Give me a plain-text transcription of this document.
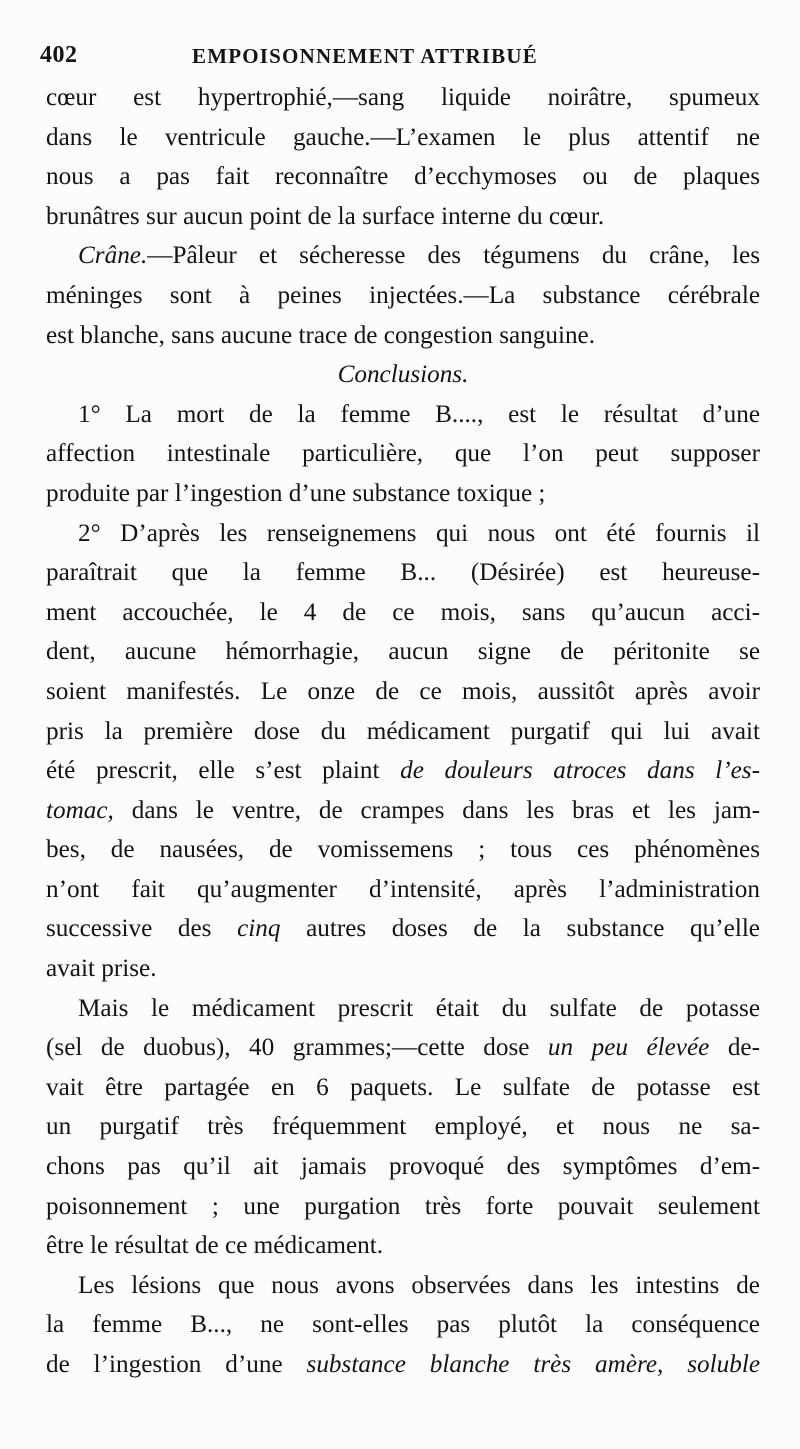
402	EMPOISONNEMENT ATTRIBUÉ
cœur est hypertrophié,—sang liquide noirâtre, spumeux
dans le ventricule gauche.—L’examen le plus attentif ne
nous a pas fait reconnaître d’ecchymoses ou de plaques
brunâtres sur aucun point de la surface interne du cœur.
Crâne.—Pâleur et sécheresse des tégumens du crâne, les
méninges sont à peines injectées.—La substance cérébrale
est blanche, sans aucune trace de congestion sanguine.
Conclusions.
1° La mort de la femme B...., est le résultat d’une
affection intestinale particulière, que l’on peut supposer
produite par l’ingestion d’une substance toxique ;
2° D’après les renseignemens qui nous ont été fournis il
paraîtrait que la femme B... (Désirée) est heureuse-
ment accouchée, le 4 de ce mois, sans qu’aucun acci-
dent, aucune hémorrhagie, aucun signe de péritonite se
soient manifestés. Le onze de ce mois, aussitôt après avoir
pris la première dose du médicament purgatif qui lui avait
été prescrit, elle s’est plaint de douleurs atroces dans l’es-
tomac, dans le ventre, de crampes dans les bras et les jam-
bes, de nausées, de vomissemens ; tous ces phénomènes
n’ont fait qu’augmenter d’intensité, après l’administration
successive des cinq autres doses de la substance qu’elle
avait prise.
Mais le médicament prescrit était du sulfate de potasse
(sel de duobus), 40 grammes;—cette dose un peu élevée de-
vait être partagée en 6 paquets. Le sulfate de potasse est
un purgatif très fréquemment employé, et nous ne sa-
chons pas qu’il ait jamais provoqué des symptômes d’em-
poisonnement ; une purgation très forte pouvait seulement
être le résultat de ce médicament.
Les lésions que nous avons observées dans les intestins de
la femme B..., ne sont-elles pas plutôt la conséquence
de l’ingestion d’une substance blanche très amère, soluble
